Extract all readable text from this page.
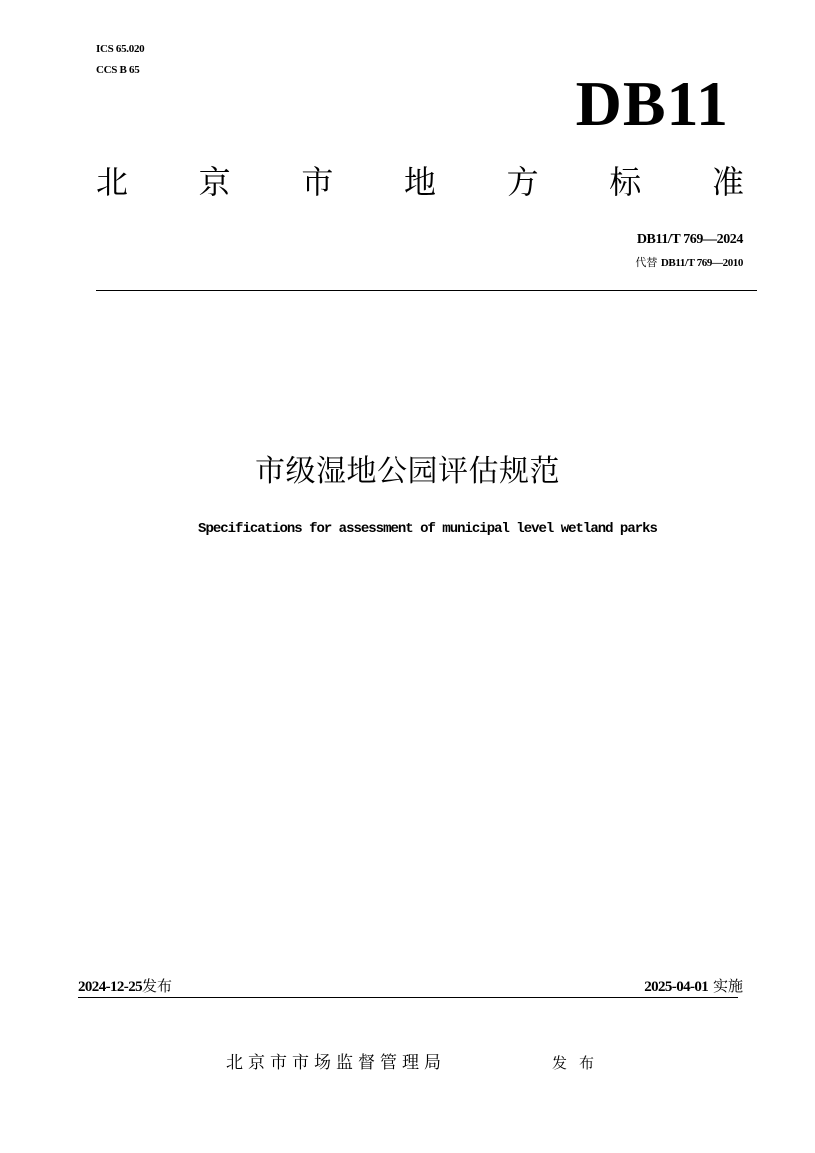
ICS 65.020
CCS B 65	DB11
北 京 市 地 方 标 准
DB11/T 769—2024
代替 DB11/T 769—2010
市级湿地公园评估规范
Specifications for assessment of municipal level wetland parks
2024-12-25发布	2025-04-01 实施
北京市市场监督管理局	发布
